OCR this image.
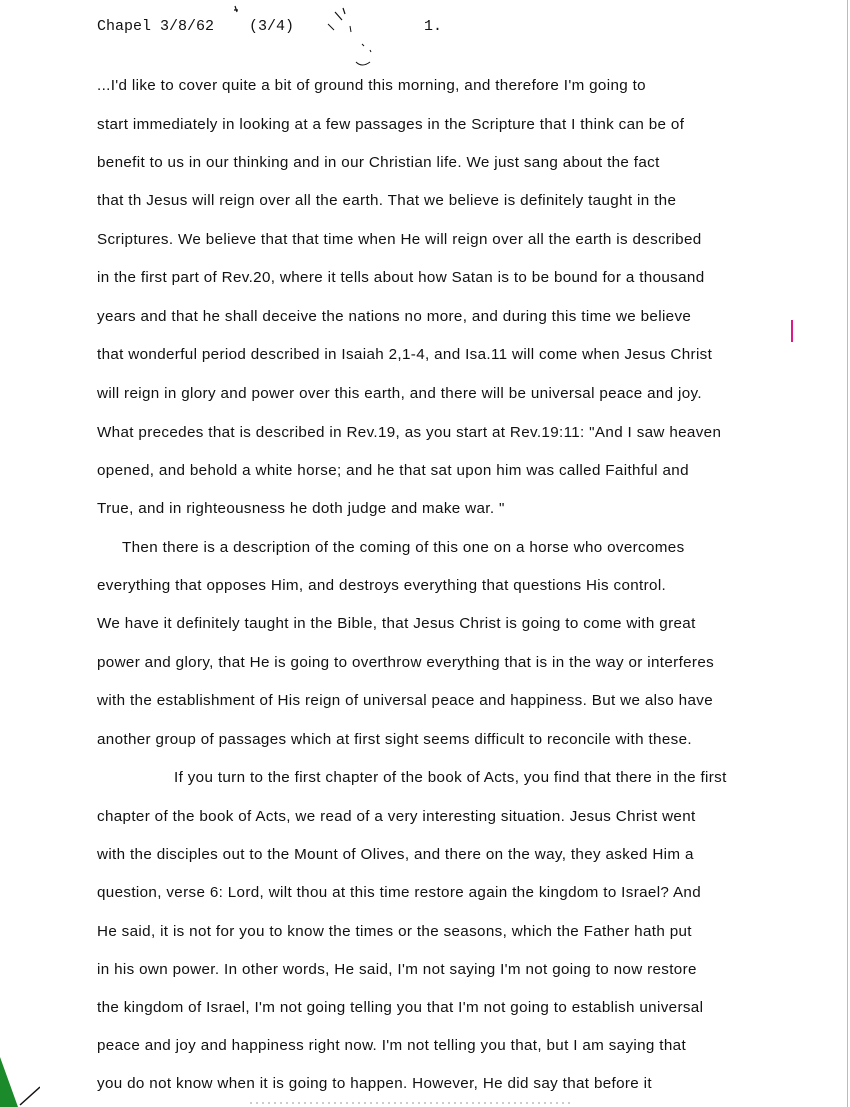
Chapel 3/8/62 (3/4)	1.
...I'd like to cover quite a bit of ground this morning, and therefore I'm going to
start immediately in looking at a few passages in the Scripture that I think can be of
benefit to us in our thinking and in our Christian life. We just sang about the fact
that th Jesus will reign over all the earth. That we believe is definitely taught in the
Scriptures. We believe that that time when He will reign over all the earth is described
in the first part of Rev.20, where it tells about how Satan is to be bound for a thousand
years and that he shall deceive the nations no more, and during this time we believe
that wonderful period described in Isaiah 2,1-4, and Isa.11 will come when Jesus Christ
will reign in glory and power over this earth, and there will be universal peace and joy.
What precedes that is described in Rev.19, as you start at Rev.19:11: "And I saw heaven
opened, and behold a white horse; and he that sat upon him was called Faithful and
True, and in righteousness he doth judge and make war. "
Then there is a description of the coming of this one on a horse who overcomes
everything that opposes Him, and destroys everything that questions His control.
We have it definitely taught in the Bible, that Jesus Christ is going to come with great
power and glory, that He is going to overthrow everything that is in the way or interferes
with the establishment of His reign of universal peace and happiness. But we also have
another group of passages which at first sight seems difficult to reconcile with these.
If you turn to the first chapter of the book of Acts, you find that there in the first
chapter of the book of Acts, we read of a very interesting situation. Jesus Christ went
with the disciples out to the Mount of Olives, and there on the way, they asked Him a
question, verse 6: Lord, wilt thou at this time restore again the kingdom to Israel? And
He said, it is not for you to know the times or the seasons, which the Father hath put
in his own power. In other words, He said, I'm not saying I'm not going to now restore
the kingdom of Israel, I'm not going telling you that I'm not going to establish universal
peace and joy and happiness right now. I'm not telling you that, but I am saying that
you do not know when it is going to happen. However, He did say that before it
